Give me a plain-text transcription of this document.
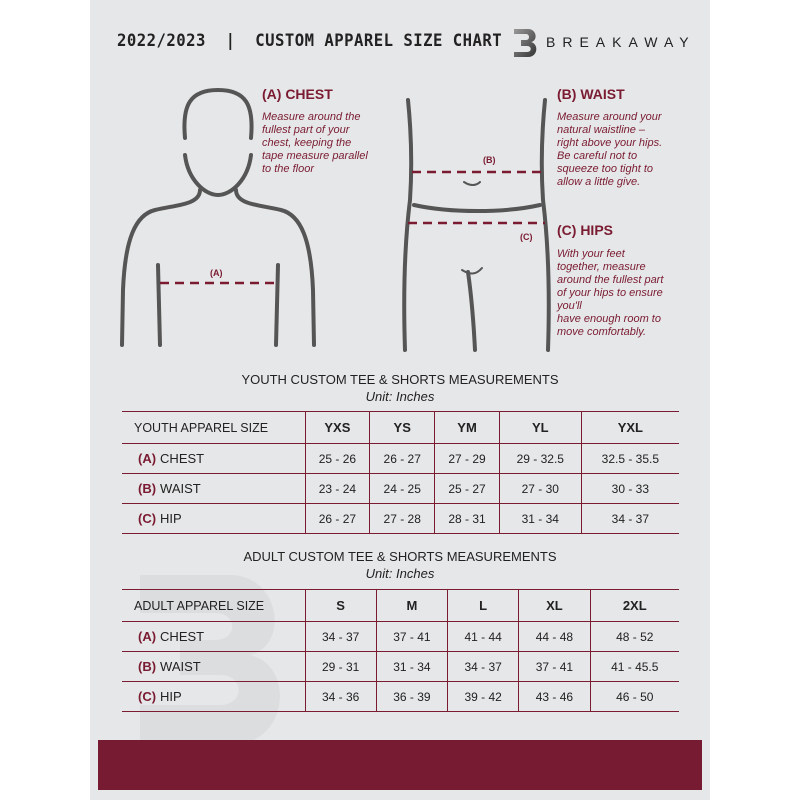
2022/2023  |  CUSTOM APPAREL SIZE CHART	BREAKAWAY
(A)
(B)
(C)
(A) CHEST
Measure around the
fullest part of your
chest, keeping the
tape measure parallel
to the floor
(B) WAIST
Measure around your
natural waistline –
right above your hips.
Be careful not to
squeeze too tight to
allow a little give.
(C) HIPS
With your feet
together, measure
around the fullest part
of your hips to ensure
you'll
have enough room to
move comfortably.
YOUTH CUSTOM TEE & SHORTS MEASUREMENTS
Unit: Inches
YOUTH APPAREL SIZE	YXS	YS	YM	YL	YXL
(A) CHEST	25 - 26	26 - 27	27 - 29	29 - 32.5	32.5 - 35.5
(B) WAIST	23 - 24	24 - 25	25 - 27	27 - 30	30 - 33
(C) HIP	26 - 27	27 - 28	28 - 31	31 - 34	34 - 37
ADULT CUSTOM TEE & SHORTS MEASUREMENTS
Unit: Inches
ADULT APPAREL SIZE	S	M	L	XL	2XL
(A) CHEST	34 - 37	37 - 41	41 - 44	44 - 48	48 - 52
(B) WAIST	29 - 31	31 - 34	34 - 37	37 - 41	41 - 45.5
(C) HIP	34 - 36	36 - 39	39 - 42	43 - 46	46 - 50
